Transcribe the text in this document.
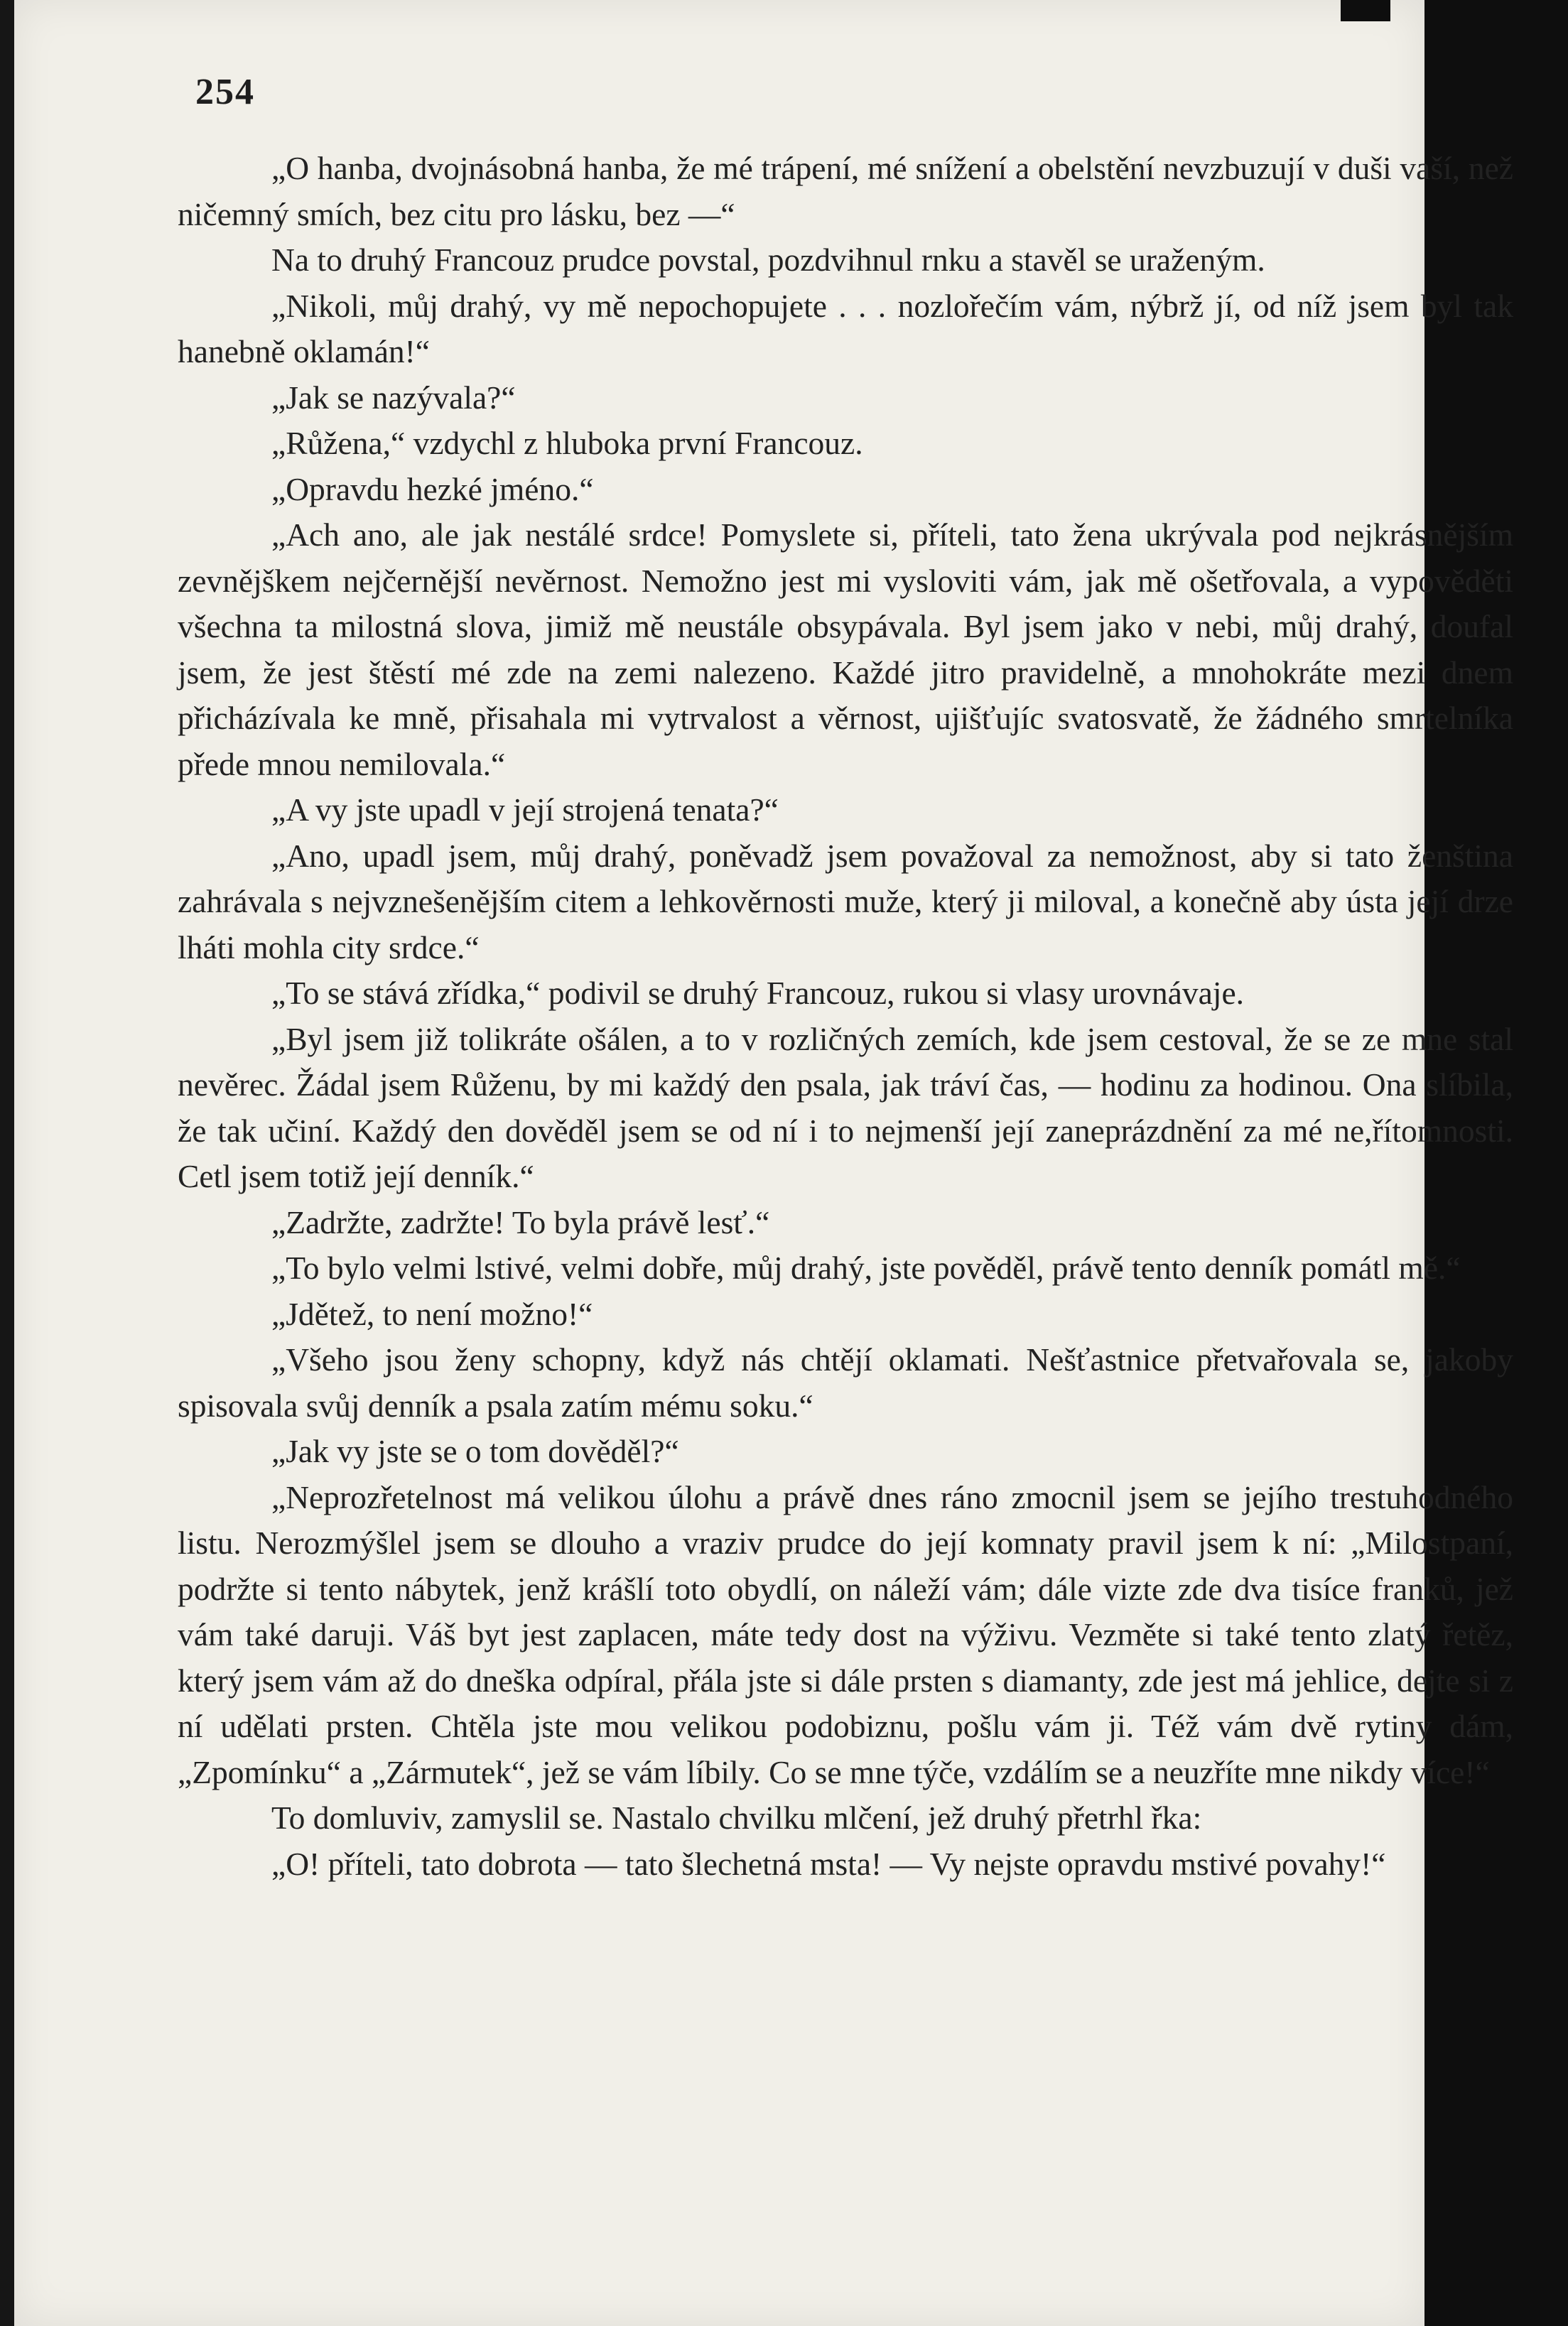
254

„O hanba, dvojnásobná hanba, že mé trápení, mé snížení a obelstění nevzbuzují v duši vaší, než ničemný smích, bez citu pro lásku, bez —“

Na to druhý Francouz prudce povstal, pozdvihnul rnku a stavěl se uraženým.

„Nikoli, můj drahý, vy mě nepochopujete . . . nozlořečím vám, nýbrž jí, od níž jsem byl tak hanebně oklamán!“

„Jak se nazývala?“

„Růžena,“ vzdychl z hluboka první Francouz.

„Opravdu hezké jméno.“

„Ach ano, ale jak nestálé srdce! Pomyslete si, příteli, tato žena ukrývala pod nejkrásnějším zevnějškem nejčernější nevěrnost. Nemožno jest mi vysloviti vám, jak mě ošetřovala, a vypověděti všechna ta milostná slova, jimiž mě neustále obsypávala. Byl jsem jako v nebi, můj drahý, doufal jsem, že jest štěstí mé zde na zemi nalezeno. Každé jitro pravidelně, a mnohokráte mezi dnem přicházívala ke mně, přisahala mi vytrvalost a věrnost, ujišťujíc svatosvatě, že žádného smrtelníka přede mnou nemilovala.“

„A vy jste upadl v její strojená tenata?“

„Ano, upadl jsem, můj drahý, poněvadž jsem považoval za nemožnost, aby si tato ženština zahrávala s nejvznešenějším citem a lehkověrnosti muže, který ji miloval, a konečně aby ústa její drze lháti mohla city srdce.“

„To se stává zřídka,“ podivil se druhý Francouz, rukou si vlasy urovnávaje.

„Byl jsem již tolikráte ošálen, a to v rozličných zemích, kde jsem cestoval, že se ze mne stal nevěrec. Žádal jsem Růženu, by mi každý den psala, jak tráví čas, — hodinu za hodinou. Ona slíbila, že tak učiní. Každý den dověděl jsem se od ní i to nejmenší její zaneprázdnění za mé ne,řítomnosti. Cetl jsem totiž její denník.“

„Zadržte, zadržte! To byla právě lesť.“

„To bylo velmi lstivé, velmi dobře, můj drahý, jste pověděl, právě tento denník pomátl mě.“

„Jdětež, to není možno!“

„Všeho jsou ženy schopny, když nás chtějí oklamati. Nešťastnice přetvařovala se, jakoby spisovala svůj denník a psala zatím mému soku.“

„Jak vy jste se o tom dověděl?“

„Neprozřetelnost má velikou úlohu a právě dnes ráno zmocnil jsem se jejího trestuhodného listu. Nerozmýšlel jsem se dlouho a vraziv prudce do její komnaty pravil jsem k ní: „Milostpaní, podržte si tento nábytek, jenž krášlí toto obydlí, on náleží vám; dále vizte zde dva tisíce franků, jež vám také daruji. Váš byt jest zaplacen, máte tedy dost na výživu. Vezměte si také tento zlatý řetěz, který jsem vám až do dneška odpíral, přála jste si dále prsten s diamanty, zde jest má jehlice, dejte si z ní udělati prsten. Chtěla jste mou velikou podobiznu, pošlu vám ji. Též vám dvě rytiny dám, „Zpomínku“ a „Zármutek“, jež se vám líbily. Co se mne týče, vzdálím se a neuzříte mne nikdy více!“

To domluviv, zamyslil se. Nastalo chvilku mlčení, jež druhý přetrhl řka:

„O! příteli, tato dobrota — tato šlechetná msta! — Vy nejste opravdu mstivé povahy!“
